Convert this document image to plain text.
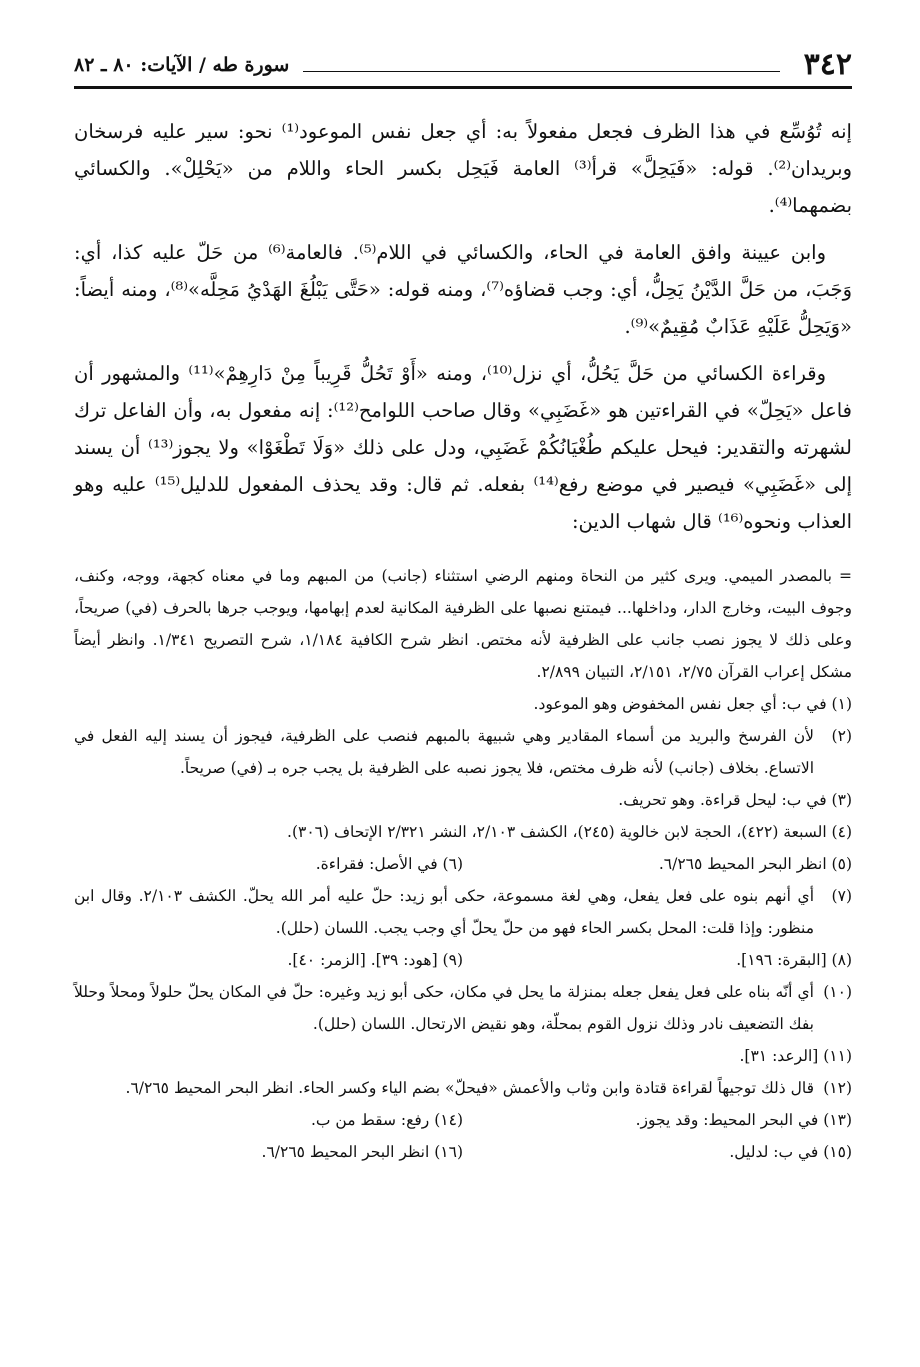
٣٤٢
سورة طه / الآيات: ٨٠ ـ ٨٢

إنه تُوُسِّع في هذا الظرف فجعل مفعولاً به: أي جعل نفس الموعود⁽¹⁾ نحو: سير عليه فرسخان وبريدان⁽²⁾. قوله: «فَيَحِلَّ» قرأ⁽³⁾ العامة فَيَحِل بكسر الحاء واللام من «يَحْلِلْ». والكسائي بضمهما⁽⁴⁾.

وابن عيينة وافق العامة في الحاء، والكسائي في اللام⁽⁵⁾. فالعامة⁽⁶⁾ من حَلّ عليه كذا، أي: وَجَبَ، من حَلَّ الدَّيْنُ يَحِلُّ، أي: وجب قضاؤه⁽⁷⁾، ومنه قوله: «حَتَّى يَبْلُغَ الهَدْيُ مَحِلَّه»⁽⁸⁾، ومنه أيضاً: «وَيَحِلُّ عَلَيْهِ عَذَابٌ مُقِيمٌ»⁽⁹⁾.

وقراءة الكسائي من حَلَّ يَحُلُّ، أي نزل⁽¹⁰⁾، ومنه «أَوْ تَحُلُّ قَرِيباً مِنْ دَارِهِمْ»⁽¹¹⁾ والمشهور أن فاعل «يَحِلّ» في القراءتين هو «غَضَبِي» وقال صاحب اللوامح⁽¹²⁾: إنه مفعول به، وأن الفاعل ترك لشهرته والتقدير: فيحل عليكم طُغْيَانُكُمْ غَضَبِي، ودل على ذلك «وَلَا تَطْغَوْا» ولا يجوز⁽¹³⁾ أن يسند إلى «غَضَبِي» فيصير في موضع رفع⁽¹⁴⁾ بفعله. ثم قال: وقد يحذف المفعول للدليل⁽¹⁵⁾ عليه وهو العذاب ونحوه⁽¹⁶⁾ قال شهاب الدين:

= بالمصدر الميمي. ويرى كثير من النحاة ومنهم الرضي استثناء (جانب) من المبهم وما في معناه كجهة، ووجه، وكنف، وجوف البيت، وخارج الدار، وداخلها... فيمتنع نصبها على الظرفية المكانية لعدم إبهامها، ويوجب جرها بالحرف (في) صريحاً، وعلى ذلك لا يجوز نصب جانب على الظرفية لأنه مختص. انظر شرح الكافية ١/١٨٤، شرح التصريح ١/٣٤١. وانظر أيضاً مشكل إعراب القرآن ٢/٧٥، ٢/١٥١، التبيان ٢/٨٩٩.

(١) في ب: أي جعل نفس المخفوض وهو الموعود.

(٢)
لأن الفرسخ والبريد من أسماء المقادير وهي شبيهة بالمبهم فنصب على الظرفية، فيجوز أن يسند إليه الفعل في الاتساع. بخلاف (جانب) لأنه ظرف مختص، فلا يجوز نصبه على الظرفية بل يجب جره بـ (في) صريحاً.

(٣) في ب: ليحل قراءة. وهو تحريف.

(٤) السبعة (٤٢٢)، الحجة لابن خالوية (٢٤٥)، الكشف ٢/١٠٣، النشر ٢/٣٢١ الإتحاف (٣٠٦).

(٥) انظر البحر المحيط ٦/٢٦٥.
(٦) في الأصل: فقراءة.

(٧)
أي أنهم بنوه على فعل يفعل، وهي لغة مسموعة، حكى أبو زيد: حلّ عليه أمر الله يحلّ. الكشف ٢/١٠٣. وقال ابن منظور: وإذا قلت: المحل بكسر الحاء فهو من حلّ يحلّ أي وجب يجب. اللسان (حلل).

(٨) [البقرة: ١٩٦].
(٩) [هود: ٣٩]. [الزمر: ٤٠].

(١٠)
أي أنّه بناه على فعل يفعل جعله بمنزلة ما يحل في مكان، حكى أبو زيد وغيره: حلّ في المكان يحلّ حلولاً ومحلاً وحللاً بفك التضعيف نادر وذلك نزول القوم بمحلّة، وهو نقيض الارتحال. اللسان (حلل).

(١١) [الرعد: ٣١].

(١٢)
قال ذلك توجيهاً لقراءة قتادة وابن وثاب والأعمش «فيحلّ» بضم الياء وكسر الحاء. انظر البحر المحيط ٦/٢٦٥.

(١٣) في البحر المحيط: وقد يجوز.
(١٤) رفع: سقط من ب.
(١٥) في ب: لدليل.
(١٦) انظر البحر المحيط ٦/٢٦٥.
